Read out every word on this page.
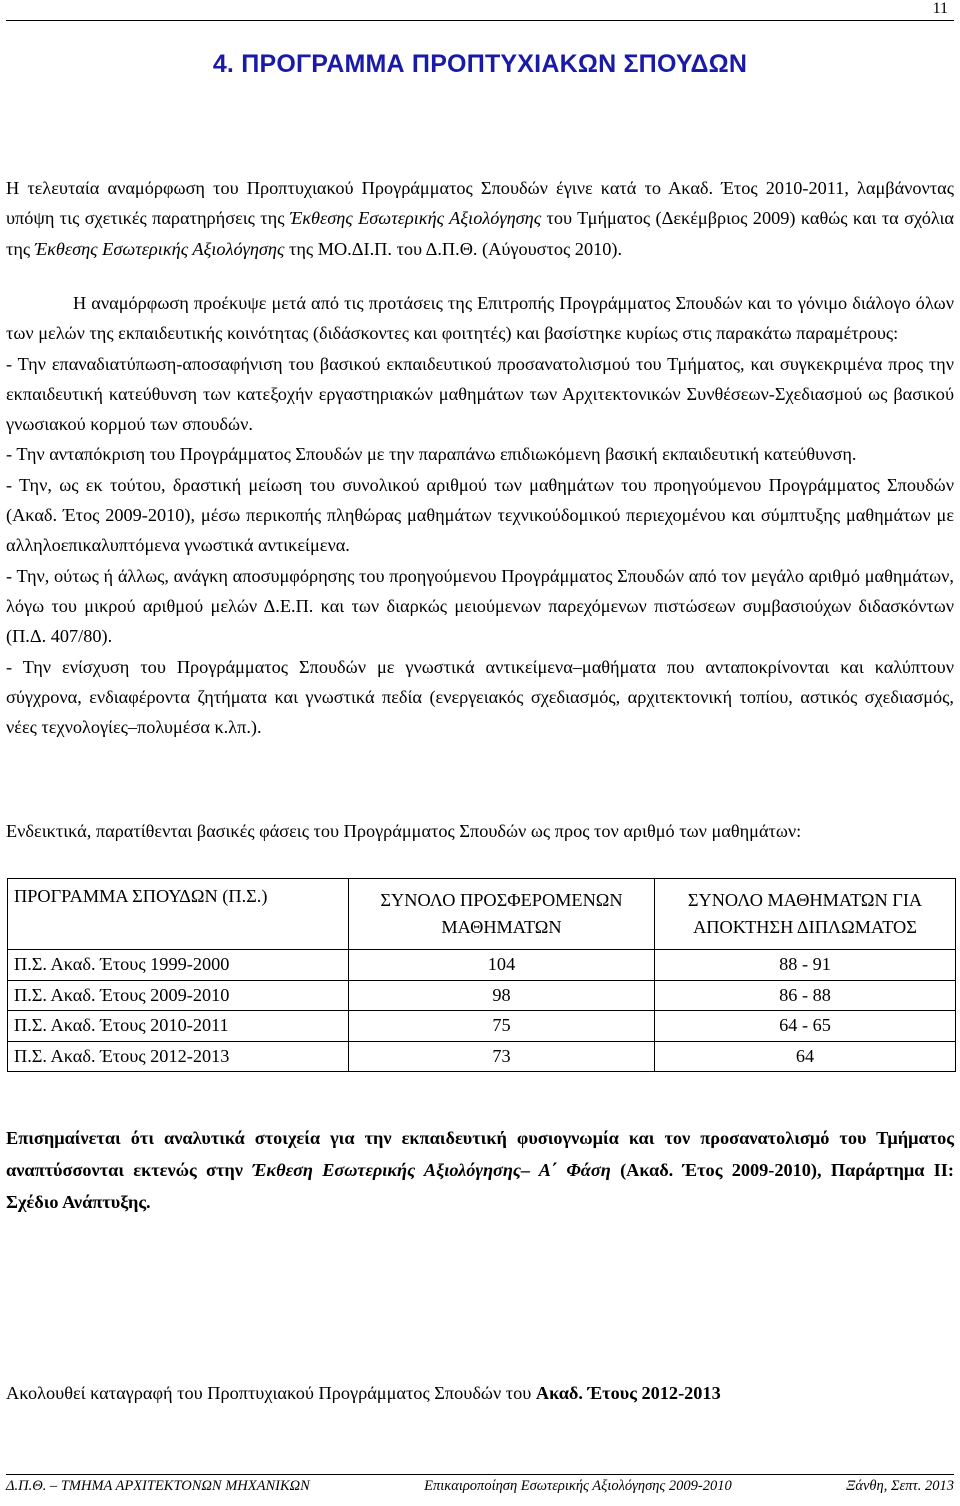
11
4. ΠΡΟΓΡΑΜΜΑ ΠΡΟΠΤΥΧΙΑΚΩΝ ΣΠΟΥΔΩΝ
Η τελευταία αναμόρφωση του Προπτυχιακού Προγράμματος Σπουδών έγινε κατά το Ακαδ. Έτος 2010-2011, λαμβάνοντας υπόψη τις σχετικές παρατηρήσεις της Έκθεσης Εσωτερικής Αξιολόγησης του Τμήματος (Δεκέμβριος 2009) καθώς και τα σχόλια της Έκθεσης Εσωτερικής Αξιολόγησης της ΜΟ.ΔΙ.Π. του Δ.Π.Θ. (Αύγουστος 2010).

Η αναμόρφωση προέκυψε μετά από τις προτάσεις της Επιτροπής Προγράμματος Σπουδών και το γόνιμο διάλογο όλων των μελών της εκπαιδευτικής κοινότητας (διδάσκοντες και φοιτητές) και βασίστηκε κυρίως στις παρακάτω παραμέτρους:

- Την επαναδιατύπωση-αποσαφήνιση του βασικού εκπαιδευτικού προσανατολισμού του Τμήματος, και συγκεκριμένα προς την εκπαιδευτική κατεύθυνση των κατεξοχήν εργαστηριακών μαθημάτων των Αρχιτεκτονικών Συνθέσεων-Σχεδιασμού ως βασικού γνωσιακού κορμού των σπουδών.

- Την ανταπόκριση του Προγράμματος Σπουδών με την παραπάνω επιδιωκόμενη βασική εκπαιδευτική κατεύθυνση.

- Την, ως εκ τούτου, δραστική μείωση του συνολικού αριθμού των μαθημάτων του προηγούμενου Προγράμματος Σπουδών (Ακαδ. Έτος 2009-2010), μέσω περικοπής πληθώρας μαθημάτων τεχνικούδομικού περιεχομένου και σύμπτυξης μαθημάτων με αλληλοεπικαλυπτόμενα γνωστικά αντικείμενα.

- Την, ούτως ή άλλως, ανάγκη αποσυμφόρησης του προηγούμενου Προγράμματος Σπουδών από τον μεγάλο αριθμό μαθημάτων, λόγω του μικρού αριθμού μελών Δ.Ε.Π. και των διαρκώς μειούμενων παρεχόμενων πιστώσεων συμβασιούχων διδασκόντων (Π.Δ. 407/80).

- Την ενίσχυση του Προγράμματος Σπουδών με γνωστικά αντικείμενα–μαθήματα που ανταποκρίνονται και καλύπτουν σύγχρονα, ενδιαφέροντα ζητήματα και γνωστικά πεδία (ενεργειακός σχεδιασμός, αρχιτεκτονική τοπίου, αστικός σχεδιασμός, νέες τεχνολογίες–πολυμέσα κ.λπ.).

Ενδεικτικά, παρατίθενται βασικές φάσεις του Προγράμματος Σπουδών ως προς τον αριθμό των μαθημάτων:
ΠΡΟΓΡΑΜΜΑ ΣΠΟΥΔΩΝ (Π.Σ.)	ΣΥΝΟΛΟ ΠΡΟΣΦΕΡΟΜΕΝΩΝ ΜΑΘΗΜΑΤΩΝ	ΣΥΝΟΛΟ ΜΑΘΗΜΑΤΩΝ ΓΙΑ ΑΠΟΚΤΗΣΗ ΔΙΠΛΩΜΑΤΟΣ
Π.Σ. Ακαδ. Έτους 1999-2000	104	88 - 91
Π.Σ. Ακαδ. Έτους 2009-2010	98	86 - 88
Π.Σ. Ακαδ. Έτους 2010-2011	75	64 - 65
Π.Σ. Ακαδ. Έτους 2012-2013	73	64
Επισημαίνεται ότι αναλυτικά στοιχεία για την εκπαιδευτική φυσιογνωμία και τον προσανατολισμό του Τμήματος αναπτύσσονται εκτενώς στην Έκθεση Εσωτερικής Αξιολόγησης– Α΄ Φάση (Ακαδ. Έτος 2009-2010), Παράρτημα ΙΙ: Σχέδιο Ανάπτυξης.
Ακολουθεί καταγραφή του Προπτυχιακού Προγράμματος Σπουδών του Ακαδ. Έτους 2012-2013
Δ.Π.Θ. – ΤΜΗΜΑ ΑΡΧΙΤΕΚΤΟΝΩΝ ΜΗΧΑΝΙΚΩΝ	Επικαιροποίηση Εσωτερικής Αξιολόγησης 2009-2010	Ξάνθη, Σεπτ. 2013
